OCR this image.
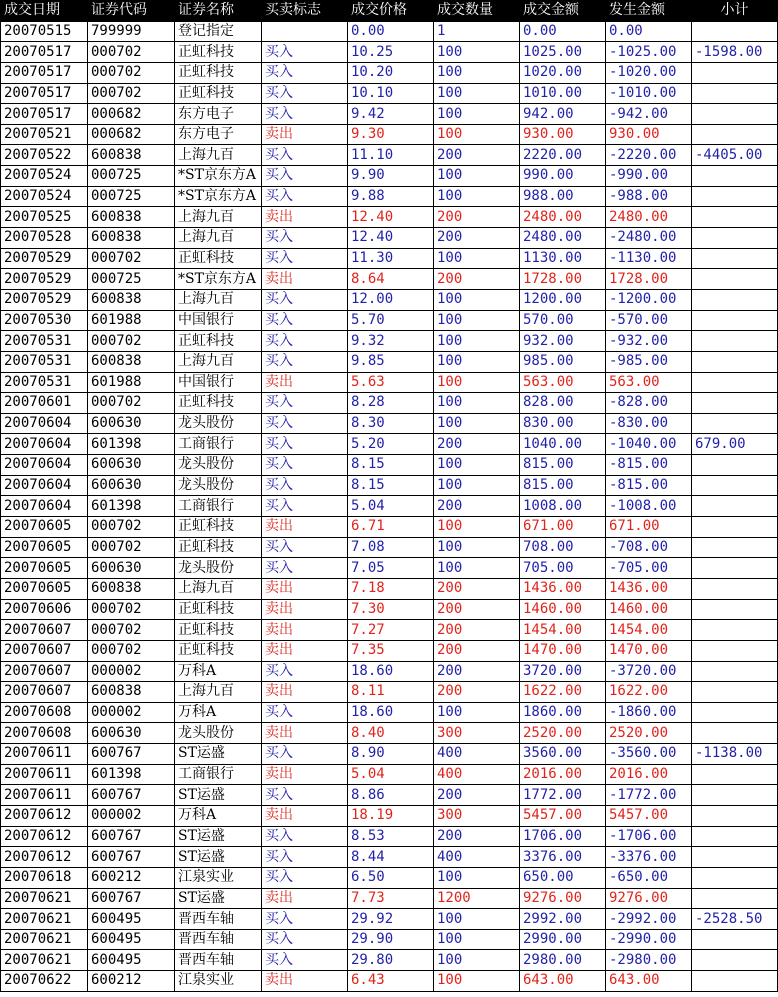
成交日期	证券代码	证券名称	买卖标志	成交价格	成交数量	成交金额	发生金额	小计
20070515	799999	登记指定		0.00	1	0.00	0.00	
20070517	000702	正虹科技	买入	10.25	100	1025.00	-1025.00	-1598.00
20070517	000702	正虹科技	买入	10.20	100	1020.00	-1020.00	
20070517	000702	正虹科技	买入	10.10	100	1010.00	-1010.00	
20070517	000682	东方电子	买入	9.42	100	942.00	-942.00	
20070521	000682	东方电子	卖出	9.30	100	930.00	930.00	
20070522	600838	上海九百	买入	11.10	200	2220.00	-2220.00	-4405.00
20070524	000725	*ST京东方A	买入	9.90	100	990.00	-990.00	
20070524	000725	*ST京东方A	买入	9.88	100	988.00	-988.00	
20070525	600838	上海九百	卖出	12.40	200	2480.00	2480.00	
20070528	600838	上海九百	买入	12.40	200	2480.00	-2480.00	
20070529	000702	正虹科技	买入	11.30	100	1130.00	-1130.00	
20070529	000725	*ST京东方A	卖出	8.64	200	1728.00	1728.00	
20070529	600838	上海九百	买入	12.00	100	1200.00	-1200.00	
20070530	601988	中国银行	买入	5.70	100	570.00	-570.00	
20070531	000702	正虹科技	买入	9.32	100	932.00	-932.00	
20070531	600838	上海九百	买入	9.85	100	985.00	-985.00	
20070531	601988	中国银行	卖出	5.63	100	563.00	563.00	
20070601	000702	正虹科技	买入	8.28	100	828.00	-828.00	
20070604	600630	龙头股份	买入	8.30	100	830.00	-830.00	
20070604	601398	工商银行	买入	5.20	200	1040.00	-1040.00	679.00
20070604	600630	龙头股份	买入	8.15	100	815.00	-815.00	
20070604	600630	龙头股份	买入	8.15	100	815.00	-815.00	
20070604	601398	工商银行	买入	5.04	200	1008.00	-1008.00	
20070605	000702	正虹科技	卖出	6.71	100	671.00	671.00	
20070605	000702	正虹科技	买入	7.08	100	708.00	-708.00	
20070605	600630	龙头股份	买入	7.05	100	705.00	-705.00	
20070605	600838	上海九百	卖出	7.18	200	1436.00	1436.00	
20070606	000702	正虹科技	卖出	7.30	200	1460.00	1460.00	
20070607	000702	正虹科技	卖出	7.27	200	1454.00	1454.00	
20070607	000702	正虹科技	卖出	7.35	200	1470.00	1470.00	
20070607	000002	万科A	买入	18.60	200	3720.00	-3720.00	
20070607	600838	上海九百	卖出	8.11	200	1622.00	1622.00	
20070608	000002	万科A	买入	18.60	100	1860.00	-1860.00	
20070608	600630	龙头股份	卖出	8.40	300	2520.00	2520.00	
20070611	600767	ST运盛	买入	8.90	400	3560.00	-3560.00	-1138.00
20070611	601398	工商银行	卖出	5.04	400	2016.00	2016.00	
20070611	600767	ST运盛	买入	8.86	200	1772.00	-1772.00	
20070612	000002	万科A	卖出	18.19	300	5457.00	5457.00	
20070612	600767	ST运盛	买入	8.53	200	1706.00	-1706.00	
20070612	600767	ST运盛	买入	8.44	400	3376.00	-3376.00	
20070618	600212	江泉实业	买入	6.50	100	650.00	-650.00	
20070621	600767	ST运盛	卖出	7.73	1200	9276.00	9276.00	
20070621	600495	晋西车轴	买入	29.92	100	2992.00	-2992.00	-2528.50
20070621	600495	晋西车轴	买入	29.90	100	2990.00	-2990.00	
20070621	600495	晋西车轴	买入	29.80	100	2980.00	-2980.00	
20070622	600212	江泉实业	卖出	6.43	100	643.00	643.00	
